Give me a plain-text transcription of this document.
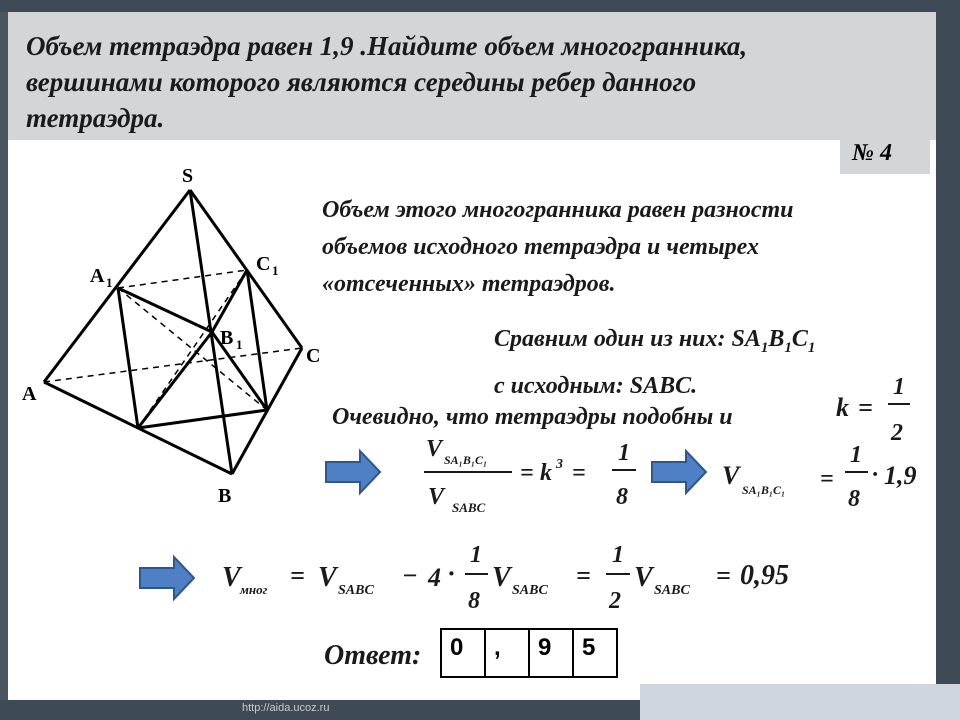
Объем тетраэдра равен 1,9 .Найдите объем многогранника,
вершинами которого являются середины ребер данного
тетраэдра.
№ 4
Объем этого многогранника равен разности
объемов исходного тетраэдра и четырех
«отсеченных» тетраэдров.
Сравним один из них: $SA_1B_1C_1$
с исходным: SABC.
Очевидно, что тетраэдры подобны и
S
A
B
C
A 1
B 1
C 1
k =
1
2
V SA₁B₁C₁
V SABC
= k 3 =
1
8
V SA₁B₁C₁ =
1
8
· 1,9
V мног = V SABC
− 4 ·
1
8
V SABC
=
1
2
V SABC
= 0,95
Ответ: 0	,	9	5
http://aida.ucoz.ru
